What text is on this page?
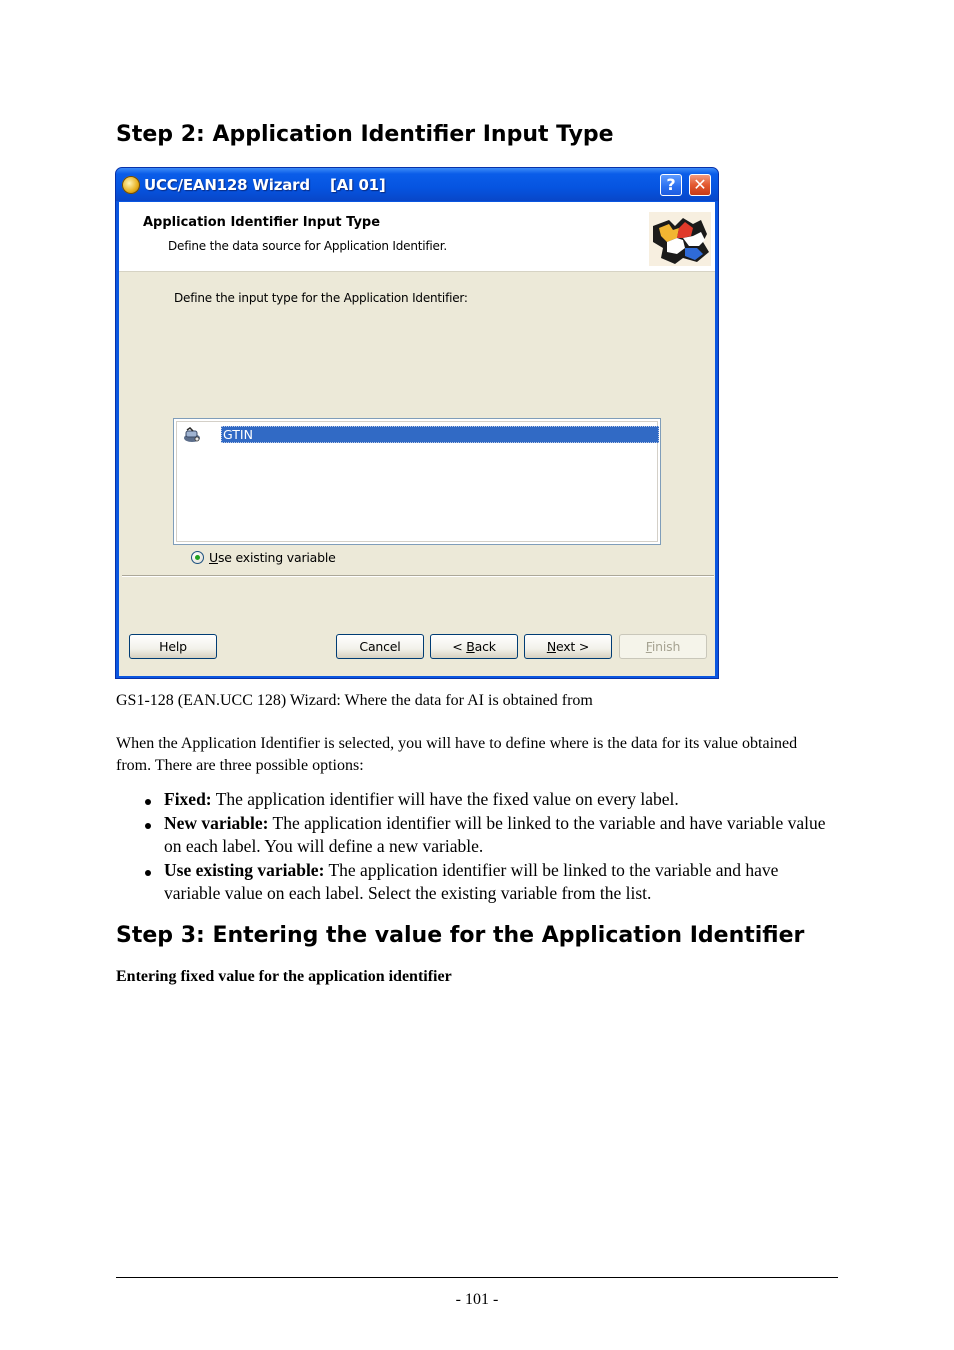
Step 2: Application Identifier Input Type
UCC/EAN128 Wizard    [AI 01]	?	✕
Application Identifier Input Type
Define the data source for Application Identifier.
Define the input type for the Application Identifier:
U se existing variable
GTIN
Help	Cancel	< Back	Next >	Finish
GS1-128 (EAN.UCC 128) Wizard: Where the data for AI is obtained from

When the Application Identifier is selected, you will have to define where is the data for its value obtained from. There are three possible options:

Fixed: The application identifier will have the fixed value on every label.
New variable: The application identifier will be linked to the variable and have variable value on each label. You will define a new variable.
Use existing variable: The application identifier will be linked to the variable and have variable value on each label. Select the existing variable from the list.
Step 3: Entering the value for the Application Identifier
Entering fixed value for the application identifier
- 101 -
